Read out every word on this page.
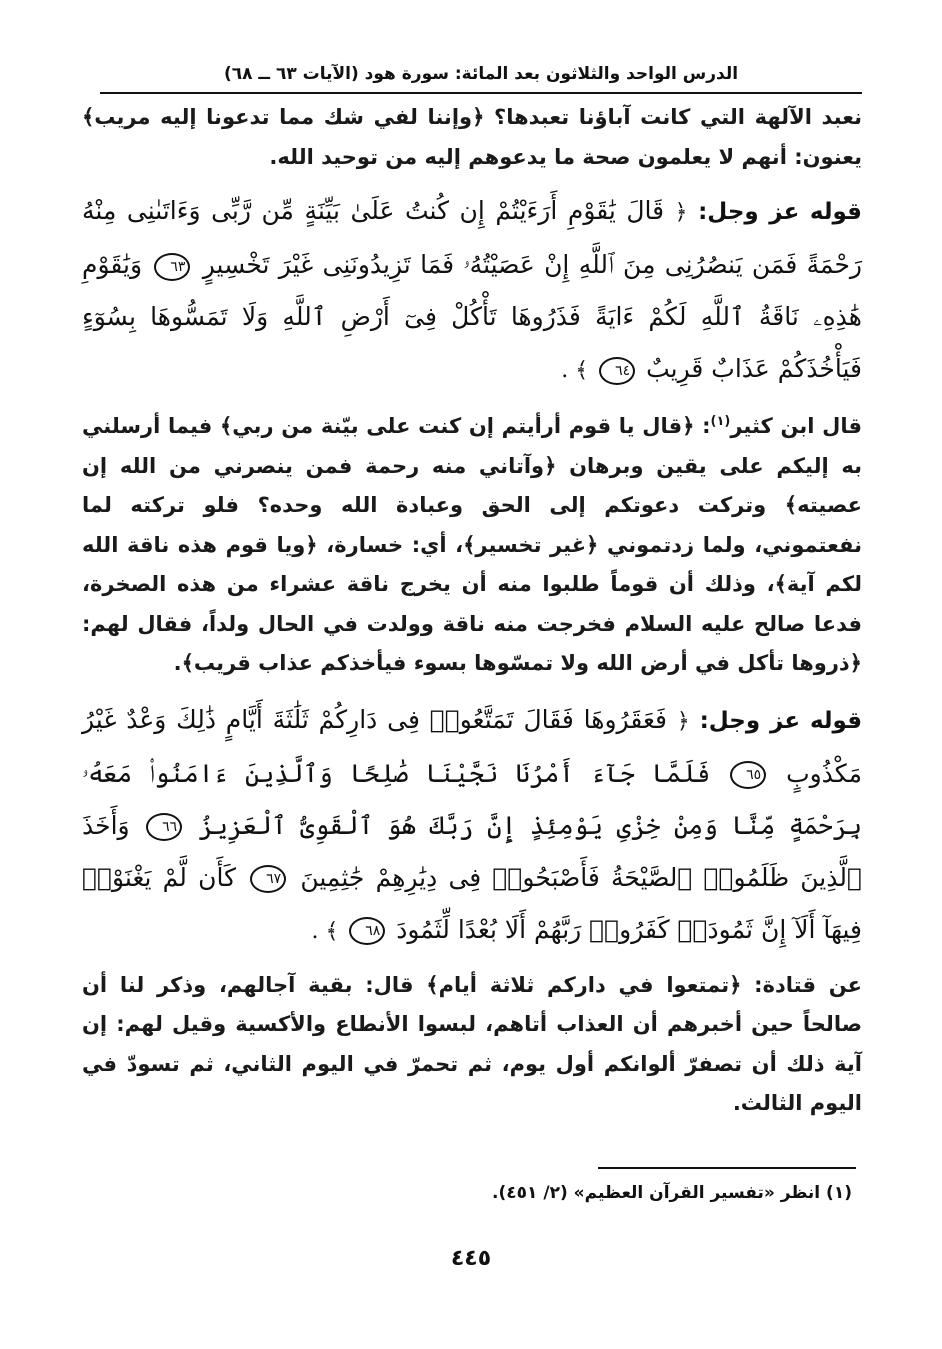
الدرس الواحد والثلاثون بعد المائة: سورة هود (الآيات ٦٣ ــ ٦٨)

نعبد الآلهة التي كانت آباؤنا تعبدها؟ ﴿وإننا لفي شك مما تدعونا إليه مريب﴾ يعنون: أنهم لا يعلمون صحة ما يدعوهم إليه من توحيد الله.

قوله عز وجل: ﴿ قَالَ يَٰقَوْمِ أَرَءَيْتُمْ إِن كُنتُ عَلَىٰ بَيِّنَةٍ مِّن رَّبِّى وَءَاتَىٰنِى مِنْهُ رَحْمَةً فَمَن يَنصُرُنِى مِنَ ٱللَّهِ إِنْ عَصَيْتُهُۥ فَمَا تَزِيدُونَنِى غَيْرَ تَخْسِيرٍ ٦٣ وَيَٰقَوْمِ هَٰذِهِۦ نَاقَةُ ٱللَّهِ لَكُمْ ءَايَةً فَذَرُوهَا تَأْكُلْ فِىٓ أَرْضِ ٱللَّهِ وَلَا تَمَسُّوهَا بِسُوٓءٍ فَيَأْخُذَكُمْ عَذَابٌ قَرِيبٌ ٦٤ ﴾ .

قال ابن كثير$^{(١)}$: ﴿قال يا قوم أرأيتم إن كنت على بيّنة من ربي﴾ فيما أرسلني به إليكم على يقين وبرهان ﴿وآتاني منه رحمة فمن ينصرني من الله إن عصيته﴾ وتركت دعوتكم إلى الحق وعبادة الله وحده؟ فلو تركته لما نفعتموني، ولما زدتموني ﴿غير تخسير﴾، أي: خسارة، ﴿ويا قوم هذه ناقة الله لكم آية﴾، وذلك أن قوماً طلبوا منه أن يخرج ناقة عشراء من هذه الصخرة، فدعا صالح عليه السلام فخرجت منه ناقة وولدت في الحال ولداً، فقال لهم: ﴿ذروها تأكل في أرض الله ولا تمسّوها بسوء فيأخذكم عذاب قريب﴾.

قوله عز وجل: ﴿ فَعَقَرُوهَا فَقَالَ تَمَتَّعُوا۟ فِى دَارِكُمْ ثَلَٰثَةَ أَيَّامٍ ذَٰلِكَ وَعْدٌ غَيْرُ مَكْذُوبٍ ٦٥ فَلَمَّا جَآءَ أَمْرُنَا نَجَّيْنَا صَٰلِحًا وَٱلَّذِينَ ءَامَنُوا۟ مَعَهُۥ بِرَحْمَةٍ مِّنَّا وَمِنْ خِزْىِ يَوْمِئِذٍ إِنَّ رَبَّكَ هُوَ ٱلْقَوِىُّ ٱلْعَزِيزُ ٦٦ وَأَخَذَ ٱلَّذِينَ ظَلَمُوا۟ ٱلصَّيْحَةُ فَأَصْبَحُوا۟ فِى دِيَٰرِهِمْ جَٰثِمِينَ ٦٧ كَأَن لَّمْ يَغْنَوْا۟ فِيهَآ أَلَآ إِنَّ ثَمُودَا۟ كَفَرُوا۟ رَبَّهُمْ أَلَا بُعْدًا لِّثَمُودَ ٦٨ ﴾ .

عن قتادة: ﴿تمتعوا في داركم ثلاثة أيام﴾ قال: بقية آجالهم، وذكر لنا أن صالحاً حين أخبرهم أن العذاب أتاهم، لبسوا الأنطاع والأكسية وقيل لهم: إن آية ذلك أن تصفرّ ألوانكم أول يوم، ثم تحمرّ في اليوم الثاني، ثم تسودّ في اليوم الثالث.

(١) انظر «تفسير القرآن العظيم» (٢/ ٤٥١).
٤٤٥
